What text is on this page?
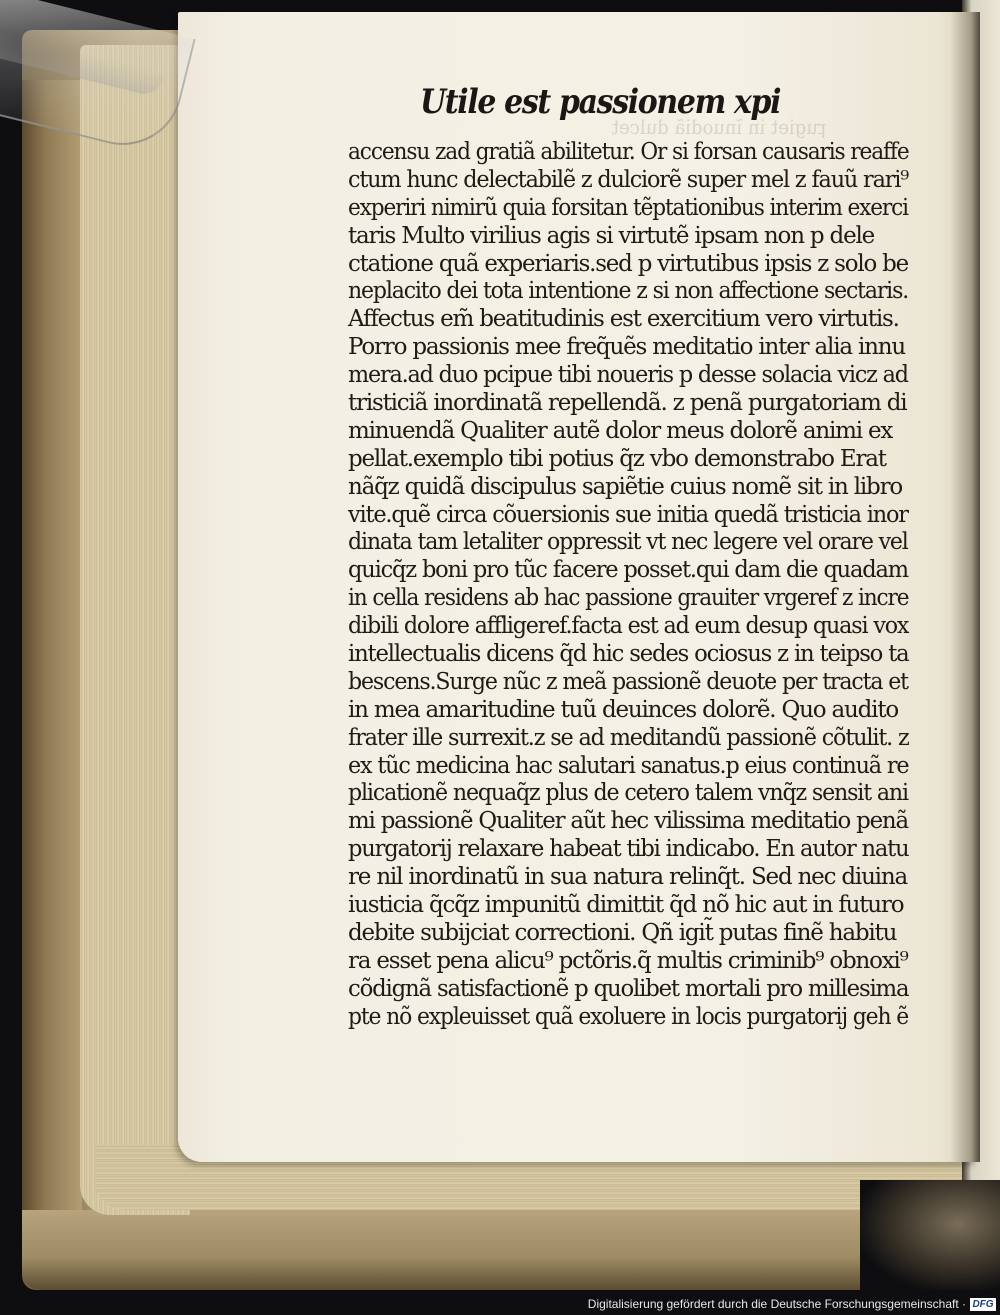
ꝼugiet in ĩnuodiã dulcet
Utile est passionem xpi
accensu zad gratiã abilitetur. Or si forsan causaris reaffe
ctum hunc delectabilẽ z dulciorẽ super mel z fauũ rari⁹
experiri nimirũ quia forsitan tẽptationibus interim exerci
taris Multo virilius agis si virtutẽ ipsam non p dele
ctatione quã experiaris.sed p virtutibus ipsis z solo be
neplacito dei tota intentione z si non affectione sectaris.
Affectus em̃ beatitudinis est exercitium vero virtutis.
Porro passionis mee freq̃uẽs meditatio inter alia innu
mera.ad duo pcipue tibi noueris p desse solacia vicz ad
tristiciã inordinatã repellendã. z penã purgatoriam di
minuendã Qualiter autẽ dolor meus dolorẽ animi ex
pellat.exemplo tibi potius q̃z vbo demonstrabo Erat
nãq̃z quidã discipulus sapiẽtie cuius nomẽ sit in libro
vite.quẽ circa cõuersionis sue initia quedã tristicia inor
dinata tam letaliter oppressit vt nec legere vel orare vel
quicq̃z boni pro tũc facere posset.qui dam die quadam
in cella residens ab hac passione grauiter vrgeref z incre
dibili dolore affligeref.facta est ad eum desup quasi vox
intellectualis dicens q̃d hic sedes ociosus z in teipso ta
bescens.Surge nũc z meã passionẽ deuote per tracta et
in mea amaritudine tuũ deuinces dolorẽ. Quo audito
frater ille surrexit.z se ad meditandũ passionẽ cõtulit. z
ex tũc medicina hac salutari sanatus.p eius continuã re
plicationẽ nequaq̃z plus de cetero talem vnq̃z sensit ani
mi passionẽ Qualiter aũt hec vilissima meditatio penã
purgatorij relaxare habeat tibi indicabo. En autor natu
re nil inordinatũ in sua natura relinq̃t. Sed nec diuina
iusticia q̃cq̃z impunitũ dimittit q̃d nõ hic aut in futuro
debite subijciat correctioni. Qñ igit̃ putas finẽ habitu
ra esset pena alicu⁹ pctõris.q̃ multis criminib⁹ obnoxi⁹
cõdignã satisfactionẽ p quolibet mortali pro millesima
pte nõ expleuisset quã exoluere in locis purgatorij geh ẽ
Digitalisierung gefördert durch die Deutsche Forschungsgemeinschaft · DFG
